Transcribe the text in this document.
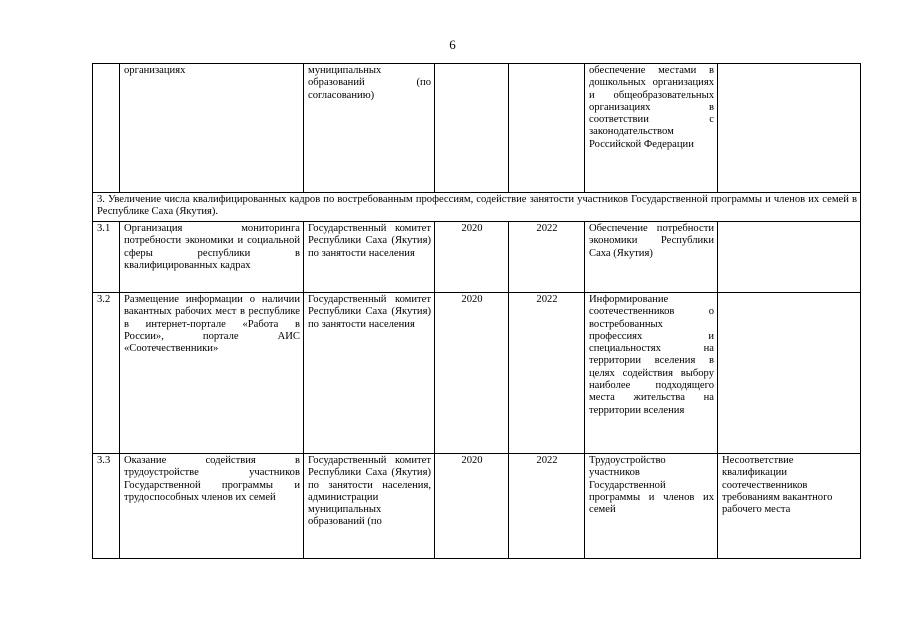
6
	организациях	муниципальных образований (по согласованию)			обеспечение местами в дошкольных организациях и общеобразовательных организациях в соответствии с законодательством Российской Федерации	
3. Увеличение числа квалифицированных кадров по востребованным профессиям, содействие занятости участников Государственной программы и членов их семей в Республике Саха (Якутия).						
3.1	Организация мониторинга потребности экономики и социальной сферы республики в квалифицированных кадрах	Государственный комитет Республики Саха (Якутия) по занятости населения	2020	2022	Обеспечение потребности экономики Республики Саха (Якутия)	
3.2	Размещение информации о наличии вакантных рабочих мест в республике в интернет-портале «Работа в России», портале АИС «Соотечественники»	Государственный комитет Республики Саха (Якутия) по занятости населения	2020	2022	Информирование соотечественников о востребованных профессиях и специальностях на территории вселения в целях содействия выбору наиболее подходящего места жительства на территории вселения	
3.3	Оказание содействия в трудоустройстве участников Государственной программы и трудоспособных членов их семей	Государственный комитет Республики Саха (Якутия) по занятости населения, администрации муниципальных образований (по	2020	2022	Трудоустройство участников Государственной программы и членов их семей	Несоответствие квалификации соотечественников требованиям вакантного рабочего места
